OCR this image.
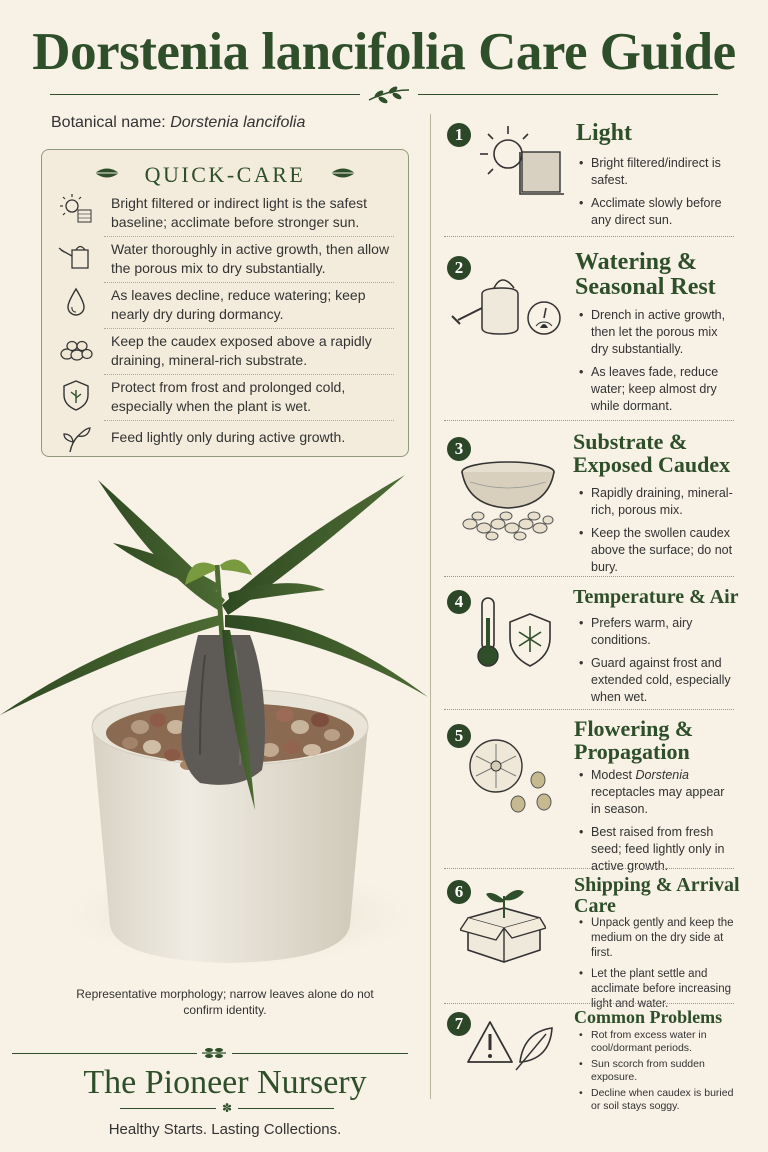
Dorstenia lancifolia Care Guide
Botanical name: Dorstenia lancifolia
QUICK-CARE
Bright filtered or indirect light is the safest baseline; acclimate before stronger sun.
Water thoroughly in active growth, then allow the porous mix to dry substantially.
As leaves decline, reduce watering; keep nearly dry during dormancy.
Keep the caudex exposed above a rapidly draining, mineral-rich substrate.
Protect from frost and prolonged cold, especially when the plant is wet.
Feed lightly only during active growth.
Representative morphology; narrow leaves alone do not confirm identity.
The Pioneer Nursery
✽
Healthy Starts. Lasting Collections.
1	Light
• Bright filtered/indirect is safest.
• Acclimate slowly before any direct sun.
2	Watering & Seasonal Rest
• Drench in active growth, then let the porous mix dry substantially.
• As leaves fade, reduce water; keep almost dry while dormant.
3	Substrate & Exposed Caudex
• Rapidly draining, mineral-rich, porous mix.
• Keep the swollen caudex above the surface; do not bury.
4	Temperature & Air
• Prefers warm, airy conditions.
• Guard against frost and extended cold, especially when wet.
5	Flowering & Propagation
• Modest Dorstenia receptacles may appear in season.
• Best raised from fresh seed; feed lightly only in active growth.
6	Shipping & Arrival Care
• Unpack gently and keep the medium on the dry side at first.
• Let the plant settle and acclimate before increasing light and water.
7	Common Problems
• Rot from excess water in cool/dormant periods.
• Sun scorch from sudden exposure.
• Decline when caudex is buried or soil stays soggy.
